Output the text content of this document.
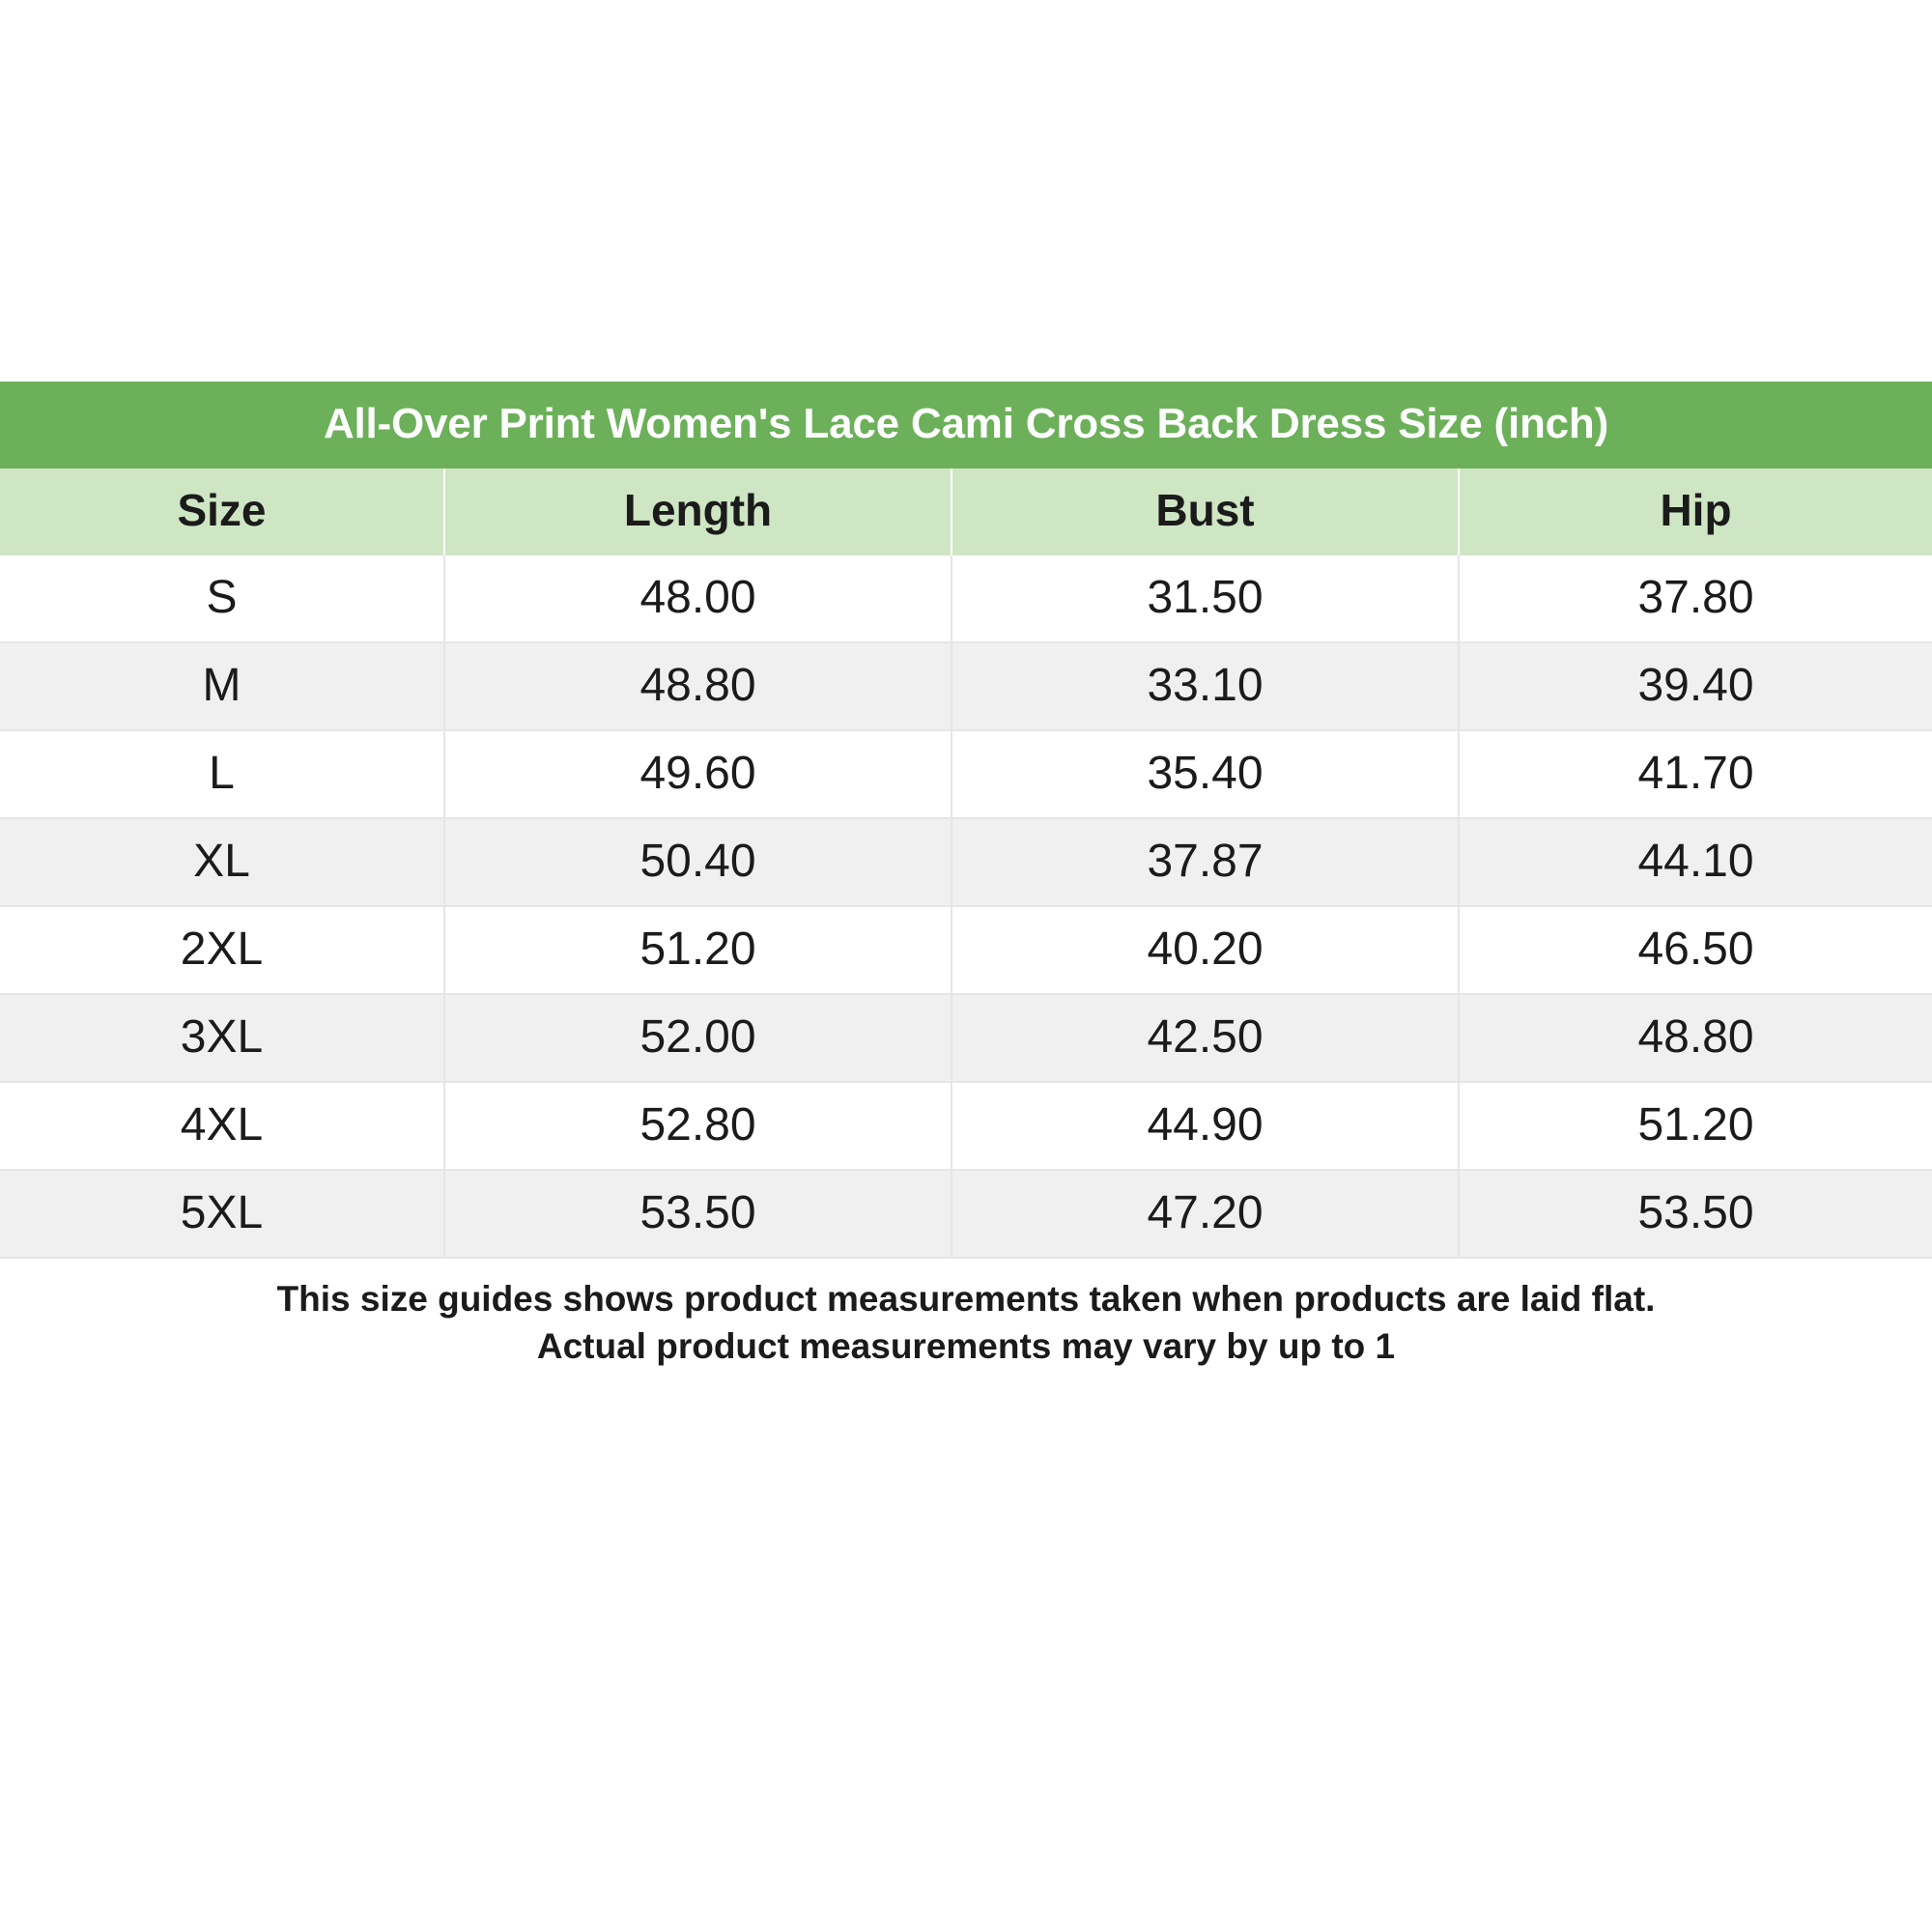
All-Over Print Women's Lace Cami Cross Back Dress Size (inch)
Size	Length	Bust	Hip
S	48.00	31.50	37.80
M	48.80	33.10	39.40
L	49.60	35.40	41.70
XL	50.40	37.87	44.10
2XL	51.20	40.20	46.50
3XL	52.00	42.50	48.80
4XL	52.80	44.90	51.20
5XL	53.50	47.20	53.50
This size guides shows product measurements taken when products are laid flat.
Actual product measurements may vary by up to 1
